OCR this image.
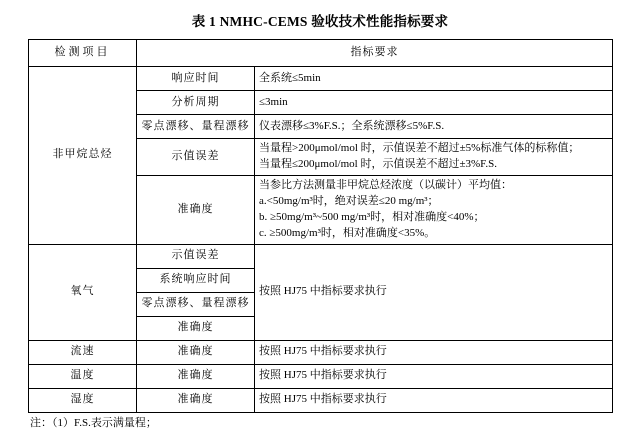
表 1 NMHC-CEMS 验收技术性能指标要求
检测项目	指标要求	
非甲烷总烃	响应时间	全系统≤5min
	分析周期	≤3min
	零点漂移、量程漂移	仪表漂移≤3%F.S.；全系统漂移≤5%F.S.
	示值误差	当量程>200μmol/mol 时，示值误差不超过±5%标准气体的标称值；
当量程≤200μmol/mol 时，示值误差不超过±3%F.S.

	准确度	当参比方法测量非甲烷总烃浓度（以碳计）平均值：
a.<50mg/m³时，绝对误差≤20 mg/m³；
b. ≥50mg/m³~500 mg/m³时，相对准确度<40%；
c. ≥500mg/m³时，相对准确度<35%。

氧气	示值误差	按照 HJ75 中指标要求执行
	系统响应时间	
	零点漂移、量程漂移	
	准确度	
流速	准确度	按照 HJ75 中指标要求执行
温度	准确度	按照 HJ75 中指标要求执行
湿度	准确度	按照 HJ75 中指标要求执行
注：（1）F.S.表示满量程；
